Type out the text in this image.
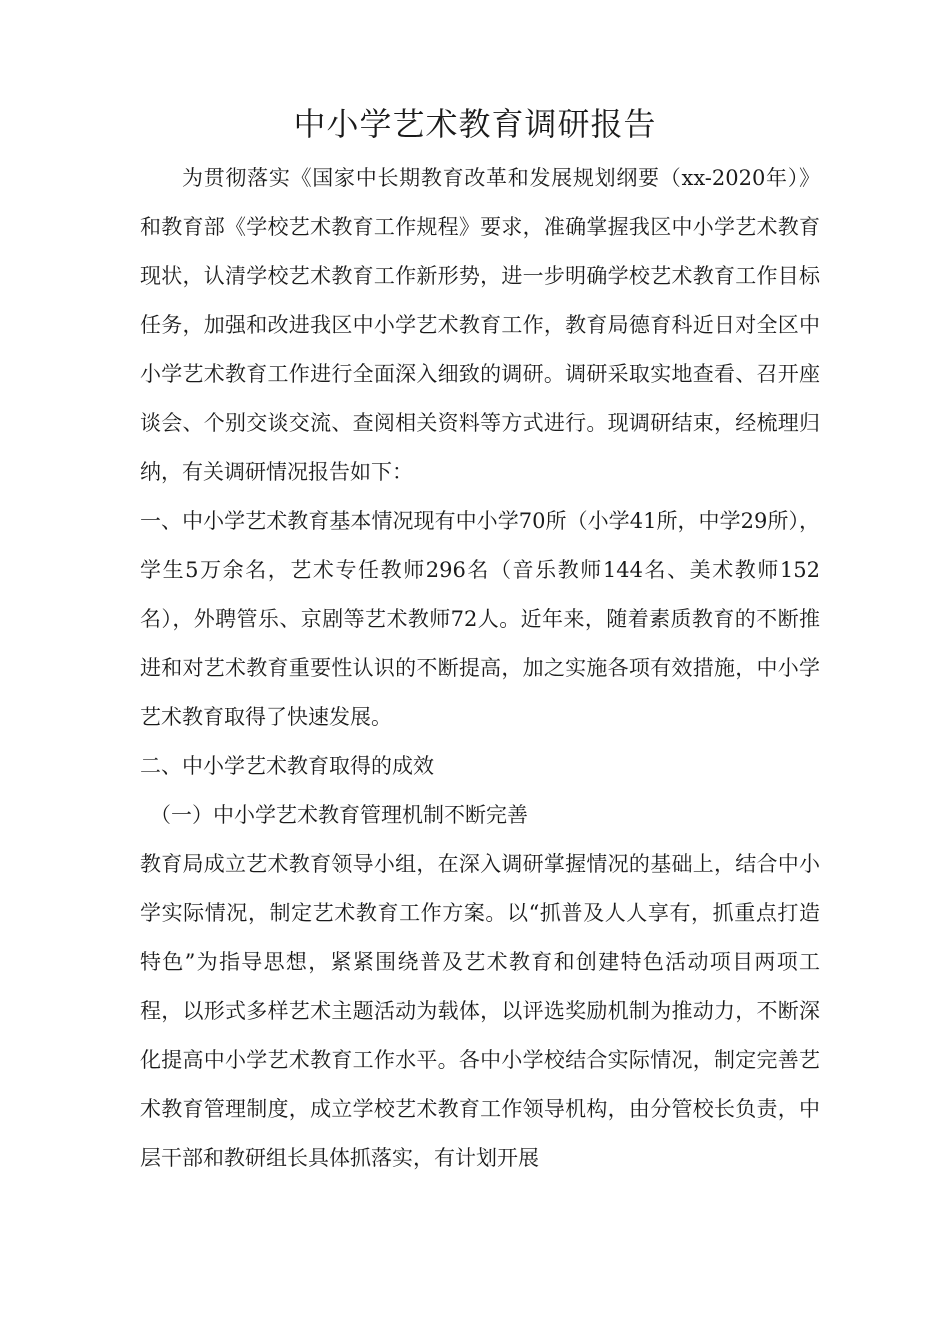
中小学艺术教育调研报告

为贯彻落实《国家中长期教育改革和发展规划纲要（xx-2020年）》和教育部《学校艺术教育工作规程》要求，准确掌握我区中小学艺术教育现状，认清学校艺术教育工作新形势，进一步明确学校艺术教育工作目标任务，加强和改进我区中小学艺术教育工作，教育局德育科近日对全区中小学艺术教育工作进行全面深入细致的调研。调研采取实地查看、召开座谈会、个别交谈交流、查阅相关资料等方式进行。现调研结束，经梳理归纳，有关调研情况报告如下：

一、中小学艺术教育基本情况现有中小学70所（小学41所，中学29所），学生5万余名，艺术专任教师296名（音乐教师144名、美术教师152名），外聘管乐、京剧等艺术教师72人。近年来，随着素质教育的不断推进和对艺术教育重要性认识的不断提高，加之实施各项有效措施，中小学艺术教育取得了快速发展。

二、中小学艺术教育取得的成效

（一）中小学艺术教育管理机制不断完善

教育局成立艺术教育领导小组，在深入调研掌握情况的基础上，结合中小学实际情况，制定艺术教育工作方案。以“抓普及人人享有，抓重点打造特色”为指导思想，紧紧围绕普及艺术教育和创建特色活动项目两项工程，以形式多样艺术主题活动为载体，以评选奖励机制为推动力，不断深化提高中小学艺术教育工作水平。各中小学校结合实际情况，制定完善艺术教育管理制度，成立学校艺术教育工作领导机构，由分管校长负责，中层干部和教研组长具体抓落实，有计划开展
